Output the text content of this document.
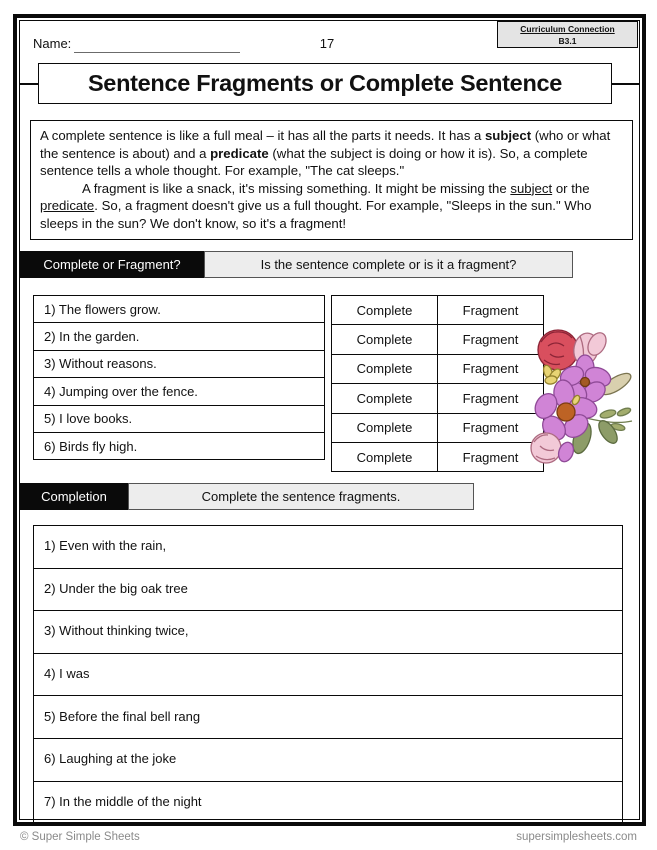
Name:	17
Curriculum Connection
B3.1
Sentence Fragments or Complete Sentence

A complete sentence is like a full meal – it has all the parts it needs. It has a subject (who or what the sentence is about) and a predicate (what the subject is doing or how it is). So, a complete sentence tells a whole thought. For example, "The cat sleeps."

A fragment is like a snack, it's missing something. It might be missing the subject or the predicate. So, a fragment doesn't give us a full thought. For example, "Sleeps in the sun." Who sleeps in the sun? We don't know, so it's a fragment!

Complete or Fragment?	Is the sentence complete or is it a fragment?
1) The flowers grow.
2) In the garden.
3) Without reasons.
4) Jumping over the fence.
5) I love books.
6) Birds fly high.
Complete	Fragment
Complete	Fragment
Complete	Fragment
Complete	Fragment
Complete	Fragment
Complete	Fragment
Completion	Complete the sentence fragments.
1) Even with the rain,
2) Under the big oak tree
3) Without thinking twice,
4) I was
5) Before the final bell rang
6) Laughing at the joke
7) In the middle of the night
© Super Simple Sheets	supersimplesheets.com
